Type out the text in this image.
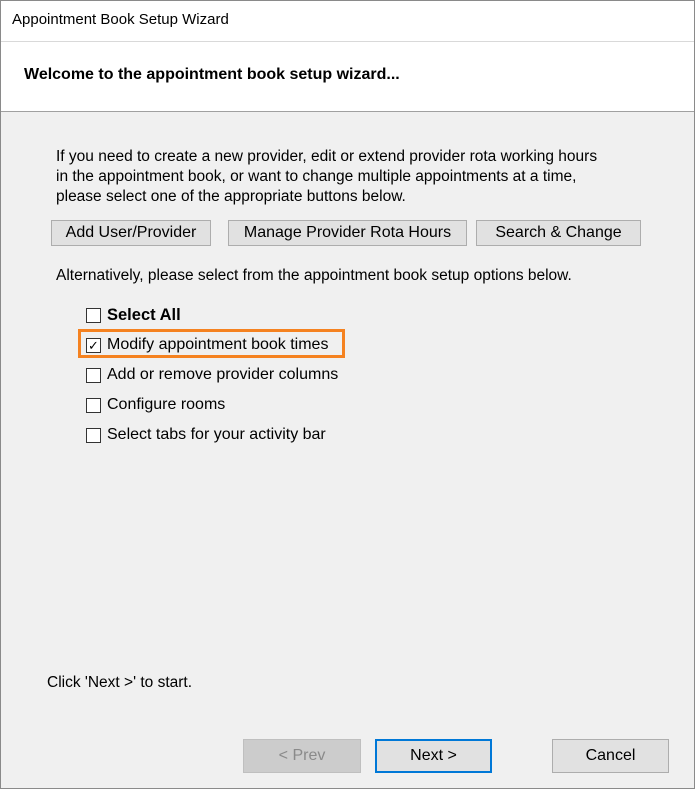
Appointment Book Setup Wizard
Welcome to the appointment book setup wizard...
If you need to create a new provider, edit or extend provider rota working hours
in the appointment book, or want to change multiple appointments at a time,
please select one of the appropriate buttons below.
Add User/Provider	Manage Provider Rota Hours	Search & Change
Alternatively, please select from the appointment book setup options below.
Select All
✓ Modify appointment book times
Add or remove provider columns
Configure rooms
Select tabs for your activity bar
Click 'Next >' to start.
< Prev	Next >	Cancel
